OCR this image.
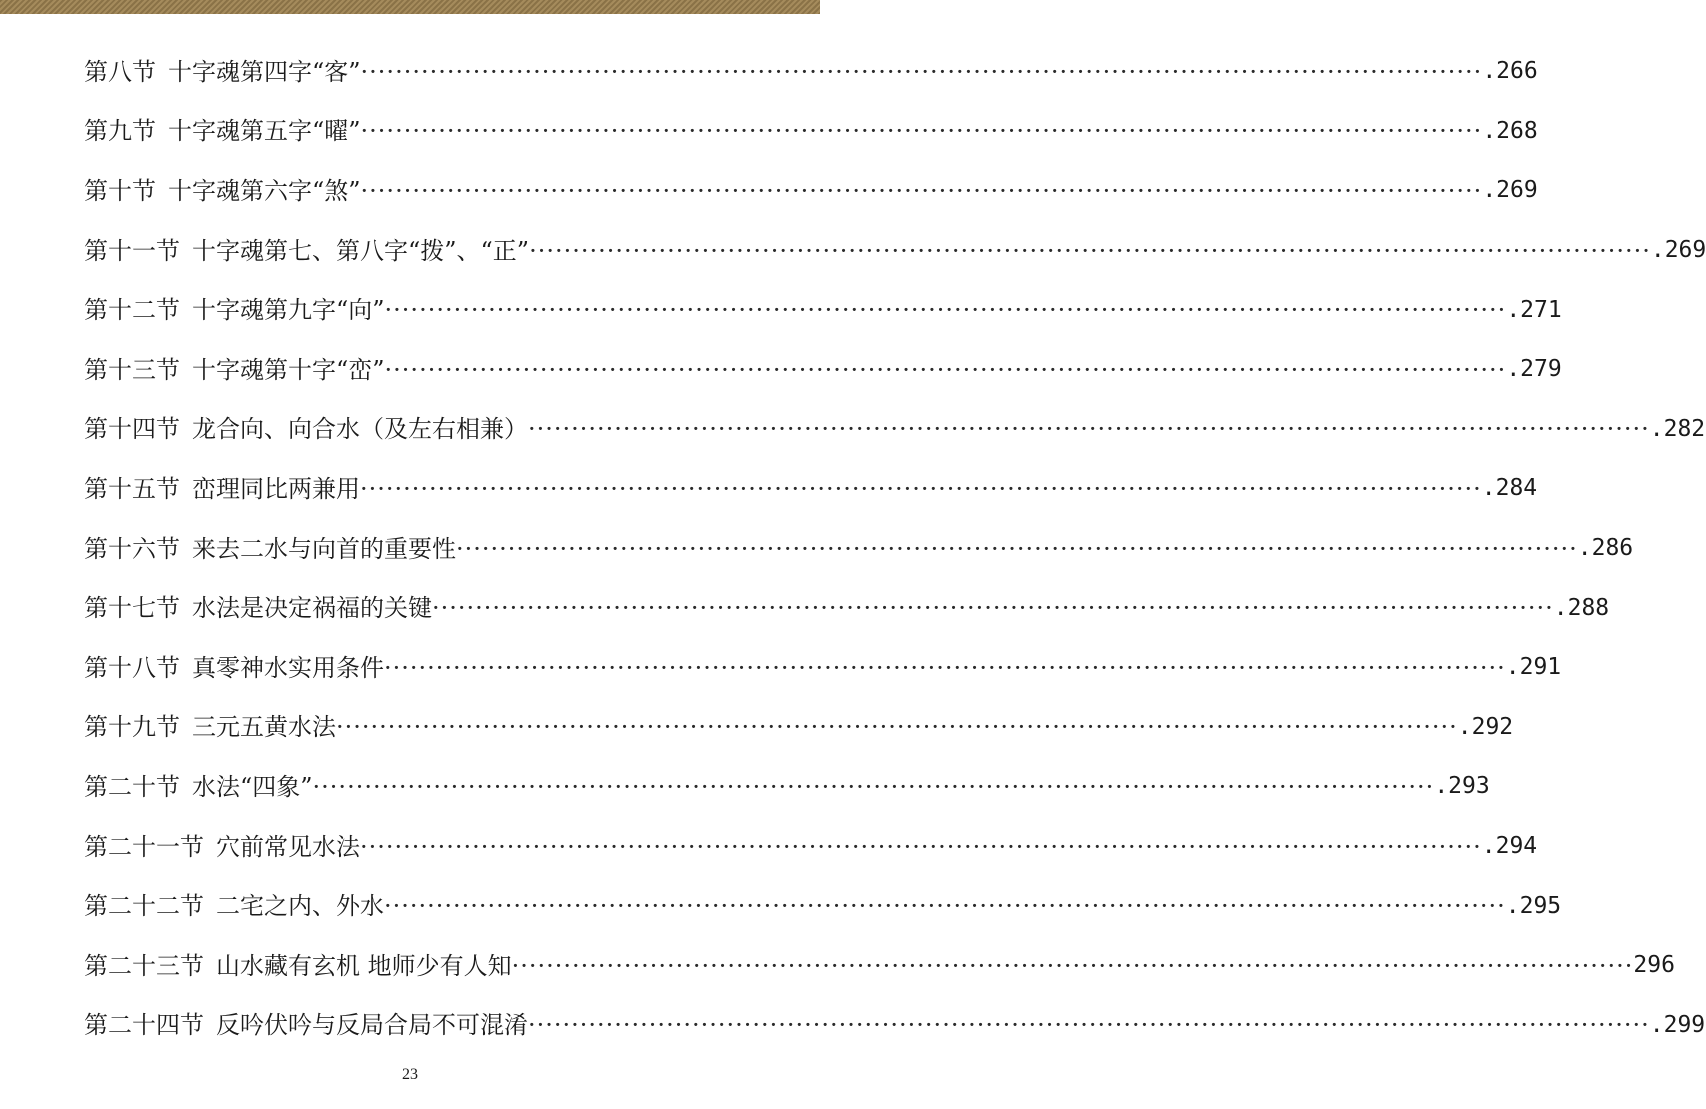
第八节 十字魂第四字“客” ·····	.266
第九节 十字魂第五字“曜” ·····	.268
第十节 十字魂第六字“煞” ·····	.269
第十一节 十字魂第七、第八字“拨”、“正” ·····	.269
第十二节 十字魂第九字“向” ·····	.271
第十三节 十字魂第十字“峦” ·····	.279
第十四节 龙合向、向合水（及左右相兼） ·····	.282
第十五节 峦理同比两兼用 ·····	.284
第十六节 来去二水与向首的重要性 ·····	.286
第十七节 水法是决定祸福的关键 ·····	.288
第十八节 真零神水实用条件 ·····	.291
第十九节 三元五黄水法 ·····	.292
第二十节 水法“四象” ·····	.293
第二十一节 穴前常见水法 ·····	.294
第二十二节 二宅之内、外水 ·····	.295
第二十三节 山水藏有玄机 地师少有人知 ·····	296
第二十四节 反吟伏吟与反局合局不可混淆 ·····	.299
23
